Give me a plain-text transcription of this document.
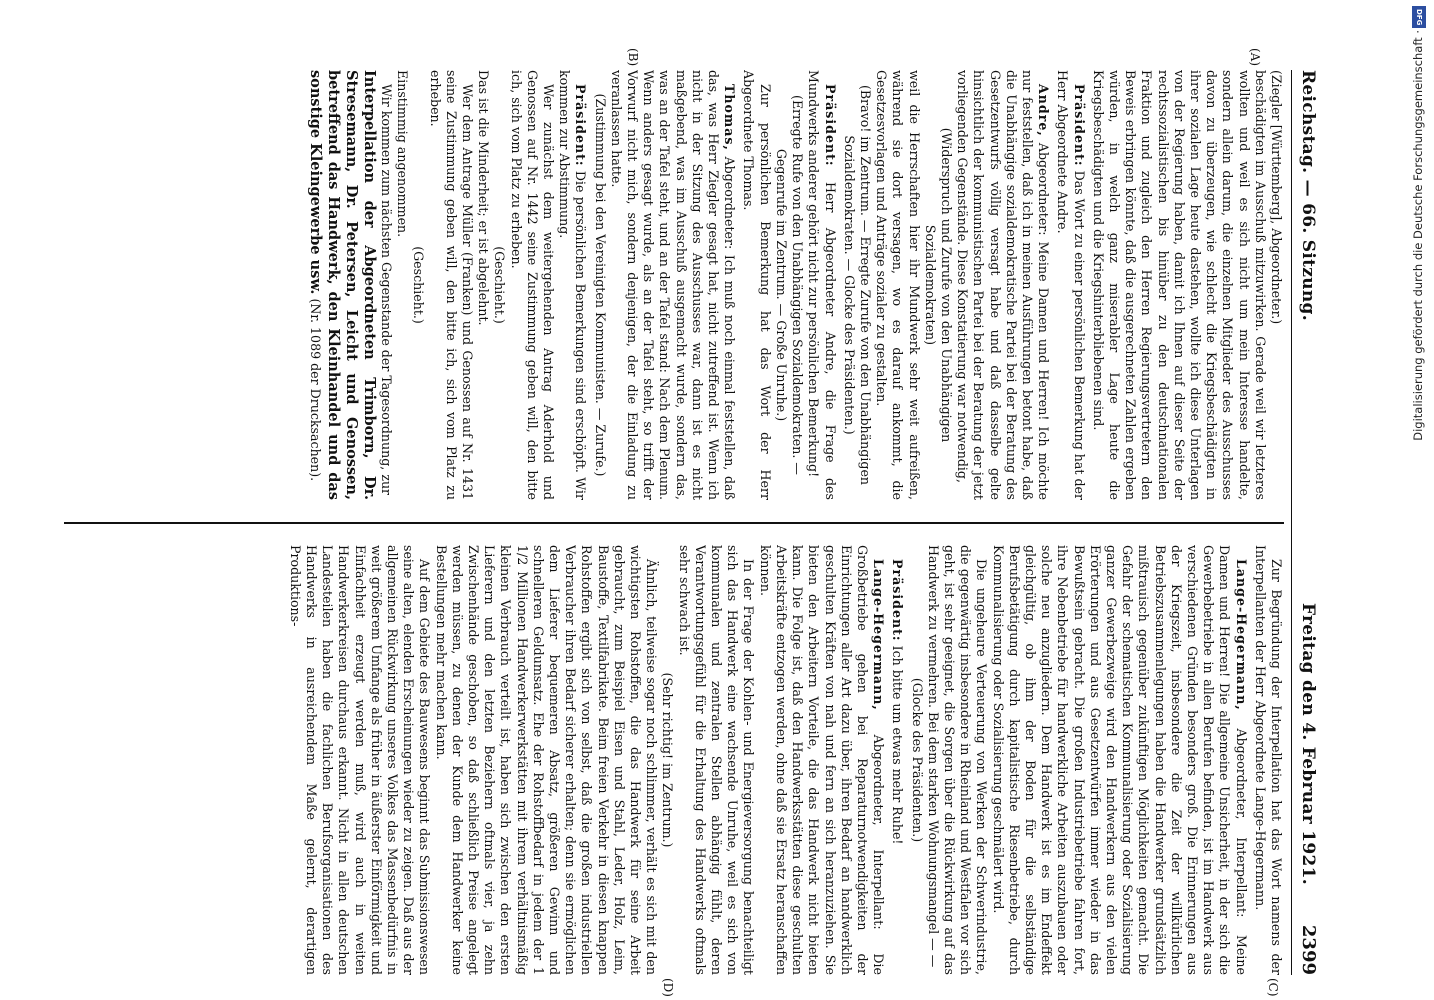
Reichstag. — 66. Sitzung.
Freitag den 4. Februar 1921.
2399
(A)
(B)
(C)
(D)

(Ziegler [Württemberg], Abgeordneter.)

beschädigten im Ausschuß mitzuwirken. Gerade weil wir letzteres wollten und weil es sich nicht um mein Interesse handelte, sondern allein darum, die einzelnen Mitglieder des Ausschusses davon zu überzeugen, wie schlecht die Kriegsbeschädigten in ihrer sozialen Lage heute dastehen, wollte ich diese Unterlagen von der Regierung haben, damit ich Ihnen auf dieser Seite der rechtssozialistischen bis hinüber zu den deutschnationalen Fraktion und zugleich den Herren Regierungsvertretern den Beweis erbringen könnte, daß die ausgerechneten Zahlen ergeben würden, in welch ganz miserabler Lage heute die Kriegsbeschädigten und die Kriegshinterbliebenen sind.

Präsident: Das Wort zu einer persönlichen Bemerkung hat der Herr Abgeordnete Andre.

Andre, Abgeordneter: Meine Damen und Herren! Ich möchte nur feststellen, daß ich in meinen Ausführungen betont habe, daß die Unabhängige sozialdemokratische Partei bei der Beratung des Gesetzentwurfs völlig versagt habe und daß dasselbe gelte hinsichtlich der kommunistischen Partei bei der Beratung der jetzt vorliegenden Gegenstände. Diese Konstatierung war notwendig,

(Widerspruch und Zurufe von den Unabhängigen Sozialdemokraten)

weil die Herrschaften hier ihr Mundwerk sehr weit aufreißen, während sie dort versagen, wo es darauf ankommt, die Gesetzesvorlagen und Anträge sozialer zu gestalten.

(Bravo! im Zentrum. — Erregte Zurufe von den Unabhängigen Sozialdemokraten. — Glocke des Präsidenten.)

Präsident: Herr Abgeordneter Andre, die Frage des Mundwerks anderer gehört nicht zur persönlichen Bemerkung!

(Erregte Rufe von den Unabhängigen Sozialdemokraten. — Gegenrufe im Zentrum. — Große Unruhe.)

Zur persönlichen Bemerkung hat das Wort der Herr Abgeordnete Thomas.

Thomas, Abgeordneter: Ich muß noch einmal feststellen, daß das, was Herr Ziegler gesagt hat, nicht zutreffend ist. Wenn ich nicht in der Sitzung des Ausschusses war, dann ist es nicht maßgebend, was im Ausschuß ausgemacht wurde, sondern das, was an der Tafel steht, und an der Tafel stand: Nach dem Plenum. Wenn anders gesagt wurde, als an der Tafel steht, so trifft der Vorwurf nicht mich, sondern denjenigen, der die Einladung zu veranlassen hatte.

(Zustimmung bei den Vereinigten Kommunisten. — Zurufe.)

Präsident: Die persönlichen Bemerkungen sind erschöpft. Wir kommen zur Abstimmung.

Wer zunächst dem weitergehenden Antrag Aderhold und Genossen auf Nr. 1442 seine Zustimmung geben will, den bitte ich, sich vom Platz zu erheben.

(Geschieht.)

Das ist die Minderheit; er ist abgelehnt.

Wer dem Antrage Müller (Franken) und Genossen auf Nr. 1431 seine Zustimmung geben will, den bitte ich, sich vom Platz zu erheben.

(Geschieht.)

Einstimmig angenommen.

Wir kommen zum nächsten Gegenstande der Tagesordnung, zur

Interpellation der Abgeordneten Trimborn, Dr. Stresemann, Dr. Petersen, Leicht und Genossen, betreffend das Handwerk, den Kleinhandel und das sonstige Kleingewerbe usw. (Nr. 1089 der Drucksachen).

Zur Begründung der Interpellation hat das Wort namens der Interpellanten der Herr Abgeordnete Lange-Hegermann.

Lange-Hegermann, Abgeordneter, Interpellant: Meine Damen und Herren! Die allgemeine Unsicherheit, in der sich die Gewerbebetriebe in allen Berufen befinden, ist im Handwerk aus verschiedenen Gründen besonders groß. Die Erinnerungen aus der Kriegszeit, insbesondere die Zeit der willkürlichen Betriebszusammenlegungen haben die Handwerker grundsätzlich mißtrauisch gegenüber zukünftigen Möglichkeiten gemacht. Die Gefahr der schematischen Kommunalisierung oder Sozialisierung ganzer Gewerbezweige wird den Handwerkern aus den vielen Erörterungen und aus Gesetzentwürfen immer wieder in das Bewußtsein gebracht. Die großen Industriebetriebe fahren fort, ihre Nebenbetriebe für handwerkliche Arbeiten auszubauen oder solche neu anzugliedern. Dem Handwerk ist es im Endeffekt gleichgültig, ob ihm der Boden für die selbständige Berufsbetätigung durch kapitalistische Riesenbetriebe, durch Kommunalisierung oder Sozialisierung geschmälert wird.

Die ungeheure Verteuerung von Werken der Schwerindustrie, die gegenwärtig insbesondere in Rheinland und Westfalen vor sich geht, ist sehr geeignet, die Sorgen über die Rückwirkung auf das Handwerk zu vermehren. Bei dem starken Wohnungsmangel — —

(Glocke des Präsidenten.)

Präsident: Ich bitte um etwas mehr Ruhe!

Lange-Hegermann, Abgeordneter, Interpellant: Die Großbetriebe gehen bei Reparaturnotwendigkeiten der Einrichtungen aller Art dazu über, ihren Bedarf an handwerklich geschulten Kräften von nah und fern an sich heranzuziehen. Sie bieten den Arbeitern Vorteile, die das Handwerk nicht bieten kann. Die Folge ist, daß den Handwerksstätten diese geschulten Arbeitskräfte entzogen werden, ohne daß sie Ersatz heranschaffen können.

In der Frage der Kohlen- und Energieversorgung benachteiligt sich das Handwerk eine wachsende Unruhe, weil es sich von kommunalen und zentralen Stellen abhängig fühlt, deren Verantwortungsgefühl für die Erhaltung des Handwerks oftmals sehr schwach ist.

(Sehr richtig! im Zentrum.)

Ähnlich, teilweise sogar noch schlimmer, verhält es sich mit den wichtigsten Rohstoffen, die das Handwerk für seine Arbeit gebraucht, zum Beispiel Eisen und Stahl, Leder, Holz, Leim, Baustoffe, Textilfabrikate. Beim freien Verkehr in diesen knappen Rohstoffen ergibt sich von selbst, daß die großen industriellen Verbraucher ihren Bedarf sicherer erhalten; denn sie ermöglichen dem Lieferer bequemeren Absatz, größeren Gewinn und schnelleren Geldumsatz. Ehe der Rohstoffbedarf in jedem der 1 1/2 Millionen Handwerkerwerkstätten mit ihrem verhältnismäßig kleinen Verbrauch verteilt ist, haben sich zwischen den ersten Lieferern und den letzten Beziehern oftmals vier, ja zehn Zwischenhände geschoben, so daß schließlich Preise angelegt werden müssen, zu denen der Kunde dem Handwerker keine Bestellungen mehr machen kann.

Auf dem Gebiete des Bauwesens beginnt das Submissionswesen seine alten, elenden Erscheinungen wieder zu zeigen. Daß aus der allgemeinen Rückwirkung unseres Volkes das Massenbedürfnis in weit größerem Umfange als früher in äußerster Einförmigkeit und Einfachheit erzeugt werden muß, wird auch in weiten Handwerkerkreisen durchaus erkannt. Nicht in allen deutschen Landesteilen haben die fachlichen Berufsorganisationen des Handwerks in ausreichendem Maße gelernt, derartigen Produktions-

Digitalisierung gefördert durch die Deutsche Forschungsgemeinschaft ·
DFG
